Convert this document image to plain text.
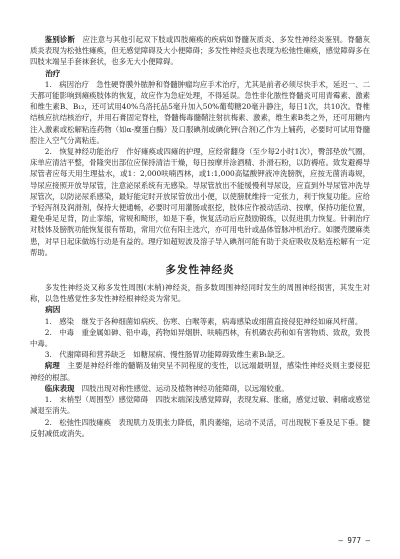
鉴别诊断　 应注意与其他引起双下肢或四肢瘫痪的疾病如脊髓灰质炎、多发性神经炎鉴别。脊髓灰质炎表现为松弛性瘫痪，但无感觉障碍及大小便障碍；多发性神经炎也表现为松弛性瘫痪，感觉障碍多在四肢末端呈手套袜套状，也多无大小便障碍。

治疗

1.　病因治疗　 急性硬脊膜外脓肿和脊髓肿瘤均应手术治疗，尤其是前者必须尽快手术，延迟一、二天都可能影响到瘫痪肢体的恢复，故应作为急症处理，不得延误。急性非化脓性脊髓炎可用青霉素、激素和维生素B、B₁₂，还可试用40%乌洛托品5毫升加入50%葡萄糖20毫升静注，每日1次，共10次。脊椎结核应抗结核治疗，并用石膏固定脊柱，脊髓梅毒髓鞘注射抗梅素、激素，维生素B类之外，还可用糖内注入激素或松解粘连药物（如α-糜蛋白酶）及口服碘剂或碘化钾(合剂)乙作为上辅药，必要时可试用脊髓腔注入空气分离粘连。

2.　恢复神经功能治疗　 作好瘫痪或四瘫的护理，应经常翻身（至少每2小时1次），臀部垫放气圈，床单应清洁平整，骨隆突出部位应保持清洁干燥，每日按摩并涂酒精、扑滑石粉，以防褥疮。致发避褥导尿管者应每天用生理盐水，或1：2,000呋喃西林，或1:1,000高锰酸钾液冲洗膀胱，应按无菌消毒规，导尿应接照开放导尿管，注意泌尿系统有无感染。导尿管放出不能缓慢利导尿设，应直到外导尿管冲洗导尿管次，以防泌尿系感染，最好能定时开放尿管放出小便，以使膀胱维持一定张力，利于恢复功能。应给予轻泻剂及润滑剂，保持大便通畅，必要时可用灌肠或抠挖，肢体应作被动活动、按摩，保持功能位置，避免垂足足背，防止挛缩，常规和畸形，如是下垂，恢复活动后应鼓励锻炼，以促进肌力恢复。针刺治疗对肢体及膀胱功能恢复很有帮助，常用穴位有阳主选穴，亦可用电针或晶体管脉冲机治疗。如腰壳腰麻类患，对早日起床做练行动是有益的。理疗如超短波及溶子导入碘剂可能有助于炎症吸收及粘连松解有一定帮助。

多发性神经炎

多发性神经炎又称多发性周围(末梢)神经炎，指多数周围神经同时发生的周围神经损害，其发生对称，以急性感觉性多发性神经根神经炎为常见。

病因

1.　感染　 继发于各种细菌如病疾、伤寒、白喉等素，病毒感染或细菌直接侵犯神经如麻风杆菌。

2.　中毒　 重金属如砷、铅中毒，药物如异烟肼、呋喃西林，有机磷农药和如有害物质、致敌，致畏中毒。

3.　代谢障碍和营养缺乏　 如糖尿病、慢性肠胃功能障碍致维生素B₁缺乏。

病理　 主要是神经纤维的髓鞘及轴突呈不同程度的变性，以远端最明显，感染性神经炎则主要侵犯神经的根部。

临床表现　 四肢出现对称性感觉、运动及植物神经功能障碍，以远端较重。

1.　末梢型（周围型）感觉障碍　 四肢末端深浅感觉障碍，表现发麻、胀痛，感觉过敏、刺痛或感觉减退至消失。

2.　松弛性四肢瘫痪　 表现肌力及肌张力降低，肌肉萎缩，运动不灵活，可出现脱下垂及足下垂。腱反射减低或消失。

— 977 —
